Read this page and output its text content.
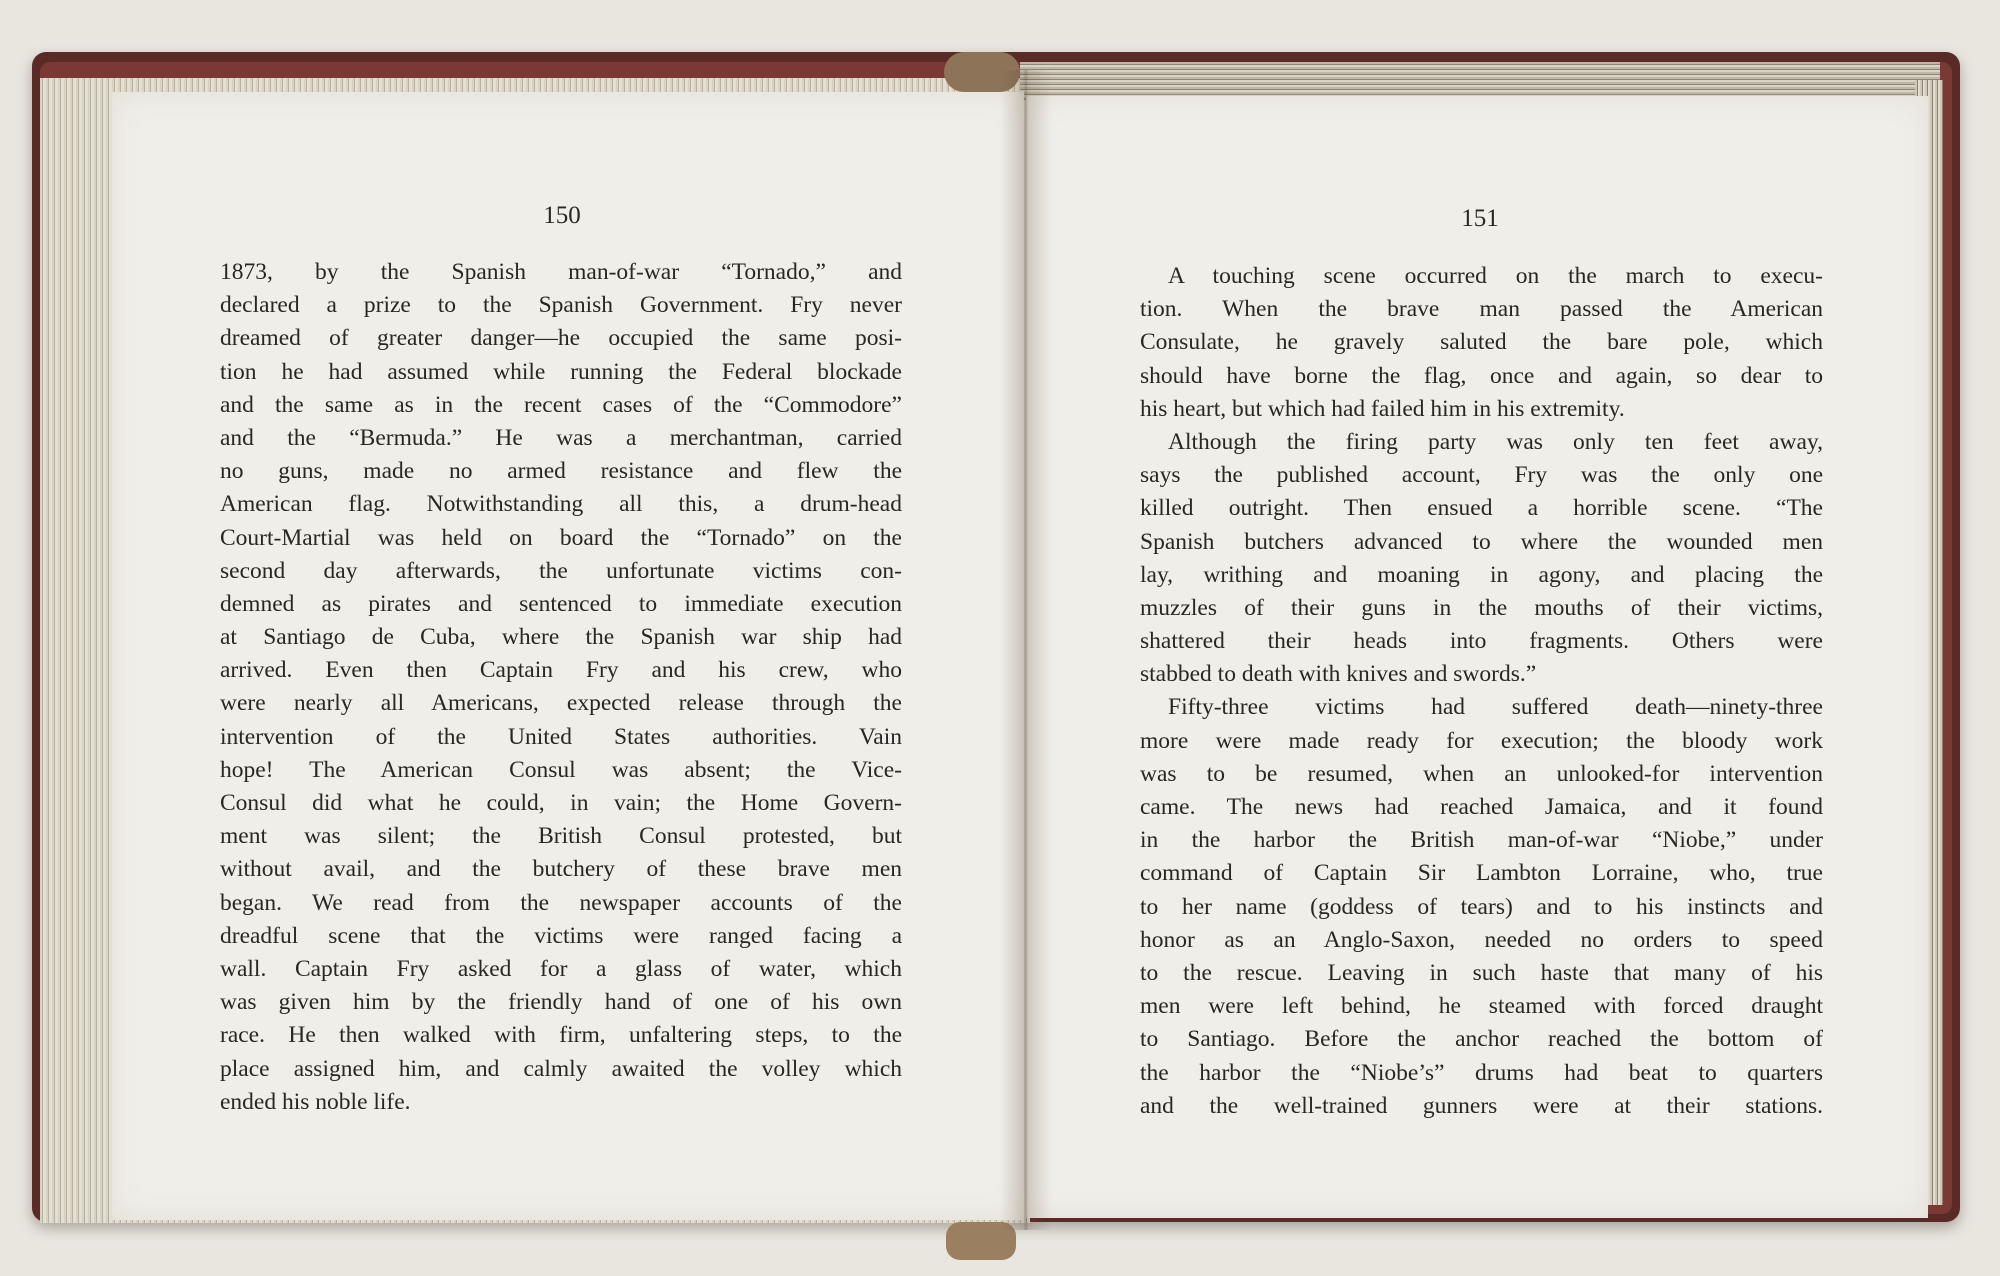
150	151
1873, by the Spanish man-of-war “Tornado,” and
declared a prize to the Spanish Government. Fry never
dreamed of greater danger—he occupied the same posi-
tion he had assumed while running the Federal blockade
and the same as in the recent cases of the “Commodore”
and the “Bermuda.” He was a merchantman, carried
no guns, made no armed resistance and flew the
American flag. Notwithstanding all this, a drum-head
Court-Martial was held on board the “Tornado” on the
second day afterwards, the unfortunate victims con-
demned as pirates and sentenced to immediate execution
at Santiago de Cuba, where the Spanish war ship had
arrived. Even then Captain Fry and his crew, who
were nearly all Americans, expected release through the
intervention of the United States authorities. Vain
hope! The American Consul was absent; the Vice-
Consul did what he could, in vain; the Home Govern-
ment was silent; the British Consul protested, but
without avail, and the butchery of these brave men
began. We read from the newspaper accounts of the
dreadful scene that the victims were ranged facing a
wall. Captain Fry asked for a glass of water, which
was given him by the friendly hand of one of his own
race. He then walked with firm, unfaltering steps, to the
place assigned him, and calmly awaited the volley which
ended his noble life.
A touching scene occurred on the march to execu-
tion. When the brave man passed the American
Consulate, he gravely saluted the bare pole, which
should have borne the flag, once and again, so dear to
his heart, but which had failed him in his extremity.
Although the firing party was only ten feet away,
says the published account, Fry was the only one
killed outright. Then ensued a horrible scene. “The
Spanish butchers advanced to where the wounded men
lay, writhing and moaning in agony, and placing the
muzzles of their guns in the mouths of their victims,
shattered their heads into fragments. Others were
stabbed to death with knives and swords.”
Fifty-three victims had suffered death—ninety-three
more were made ready for execution; the bloody work
was to be resumed, when an unlooked-for intervention
came. The news had reached Jamaica, and it found
in the harbor the British man-of-war “Niobe,” under
command of Captain Sir Lambton Lorraine, who, true
to her name (goddess of tears) and to his instincts and
honor as an Anglo-Saxon, needed no orders to speed
to the rescue. Leaving in such haste that many of his
men were left behind, he steamed with forced draught
to Santiago. Before the anchor reached the bottom of
the harbor the “Niobe’s” drums had beat to quarters
and the well-trained gunners were at their stations.
